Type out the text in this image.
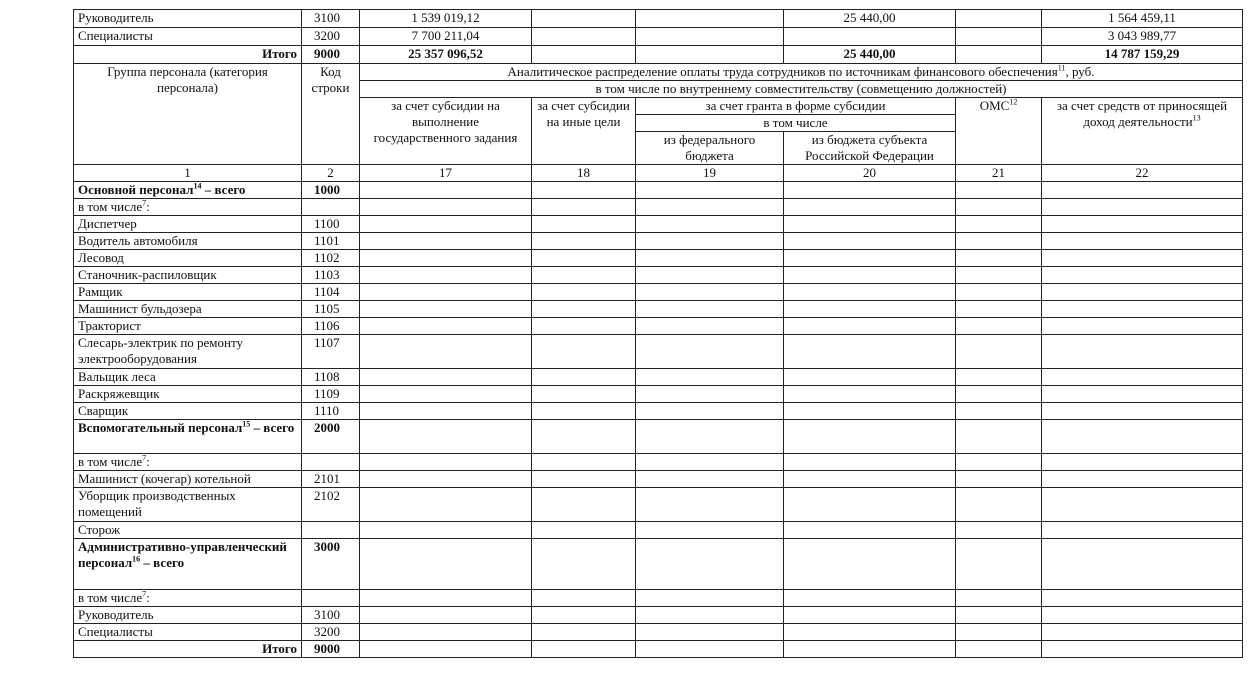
Руководитель	3100	1 539 019,12			25 440,00		1 564 459,11
Специалисты	3200	7 700 211,04					3 043 989,77
Итого	9000	25 357 096,52			25 440,00		14 787 159,29
Группа персонала (категория персонала)	Код строки	Аналитическое распределение оплаты труда сотрудников по источникам финансового обеспечения$^{11}$, руб.					
		в том числе по внутреннему совместительству (совмещению должностей)					
		за счет субсидии на выполнение государственного задания	за счет субсидии на иные цели	за счет гранта в форме субсидии		ОМС$^{12}$	за счет средств от приносящей доход деятельности$^{13}$
				в том числе			
				из федерального бюджета	из бюджета субъекта Российской Федерации		
1	2	17	18	19	20	21	22
Основной персонал$^{14}$ – всего	1000						
в том числе$^7$:							
Диспетчер	1100						
Водитель автомобиля	1101						
Лесовод	1102						
Станочник-распиловщик	1103						
Рамщик	1104						
Машинист бульдозера	1105						
Тракторист	1106						
Слесарь-электрик по ремонту электрооборудования	1107						
Вальщик леса	1108						
Раскряжевщик	1109						
Сварщик	1110						
Вспомогательный персонал$^{15}$ – всего	2000						
в том числе$^7$:							
Машинист (кочегар) котельной	2101						
Уборщик производственных помещений	2102						
Сторож							
Административно-управленческий персонал$^{16}$ – всего	3000						
в том числе$^7$:							
Руководитель	3100						
Специалисты	3200						
Итого	9000						
